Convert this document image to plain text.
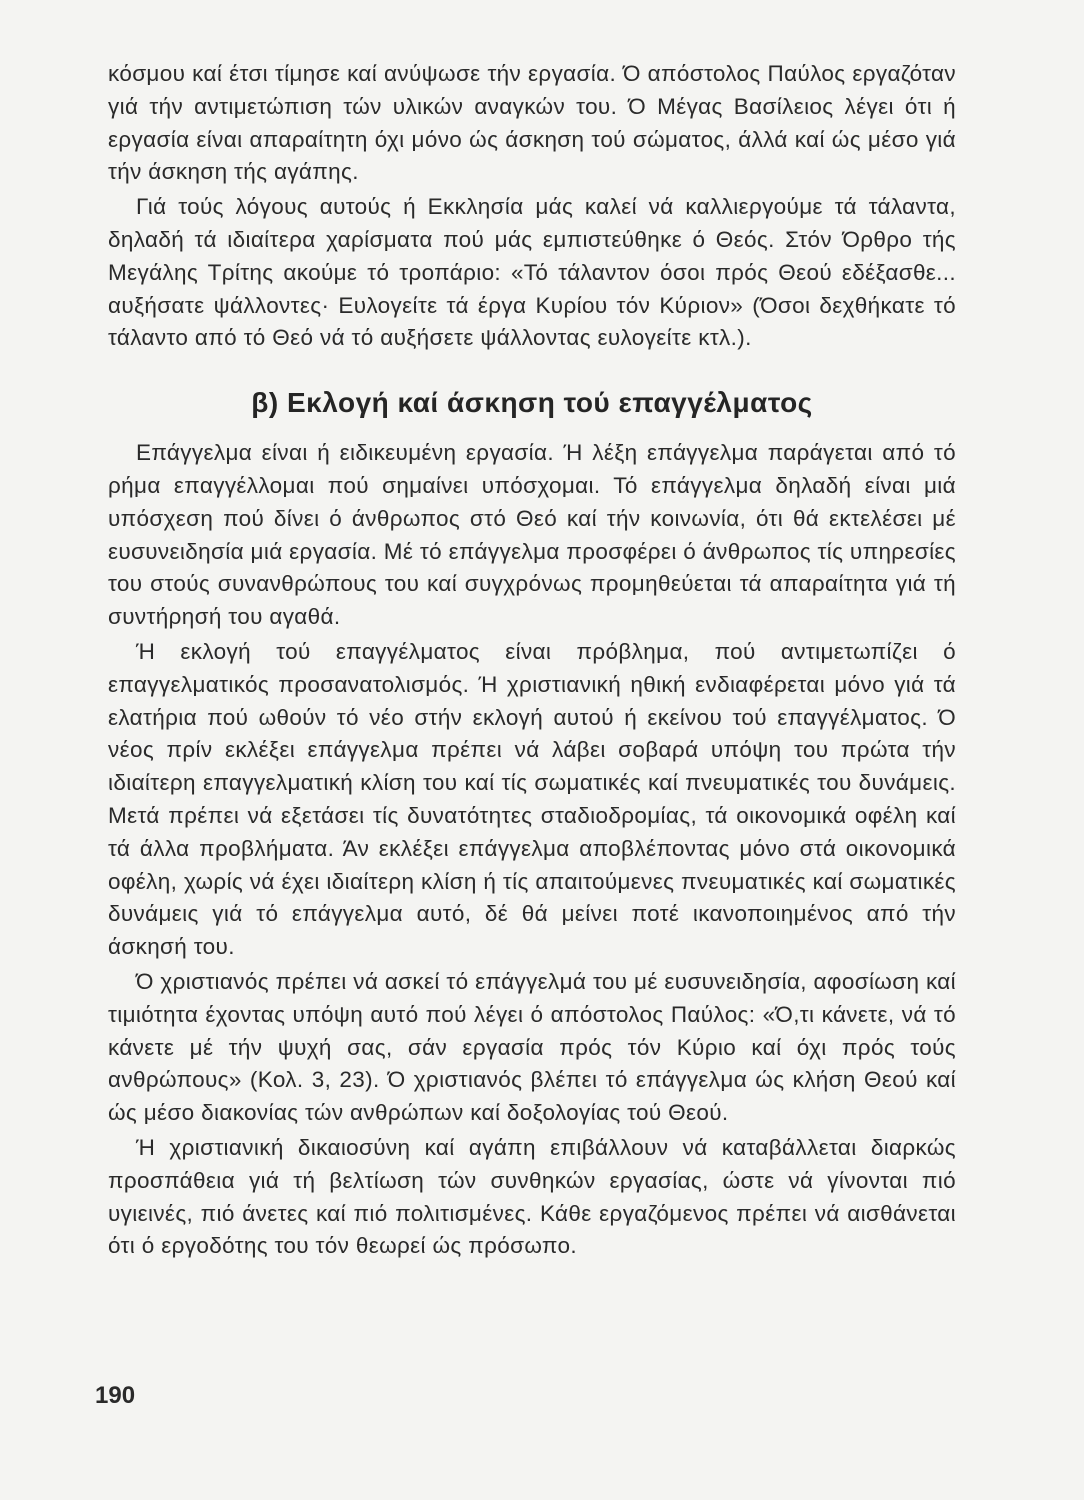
κόσμου καί έτσι τίμησε καί ανύψωσε τήν εργασία. Ό απόστολος Παύλος εργαζόταν γιά τήν αντιμετώπιση τών υλικών αναγκών του. Ό Μέγας Βασίλειος λέγει ότι ή εργασία είναι απαραίτητη όχι μόνο ώς άσκηση τού σώματος, άλλά καί ώς μέσο γιά τήν άσκηση τής αγάπης.

Γιά τούς λόγους αυτούς ή Εκκλησία μάς καλεί νά καλλιεργούμε τά τάλαντα, δηλαδή τά ιδιαίτερα χαρίσματα πού μάς εμπιστεύθηκε ό Θεός. Στόν Όρθρο τής Μεγάλης Τρίτης ακούμε τό τροπάριο: «Τό τάλαντον όσοι πρός Θεού εδέξασθε... αυξήσατε ψάλλοντες· Ευλογείτε τά έργα Κυρίου τόν Κύριον» (Όσοι δεχθήκατε τό τάλαντο από τό Θεό νά τό αυξήσετε ψάλλοντας ευλογείτε κτλ.).

β) Εκλογή καί άσκηση τού επαγγέλματος

Επάγγελμα είναι ή ειδικευμένη εργασία. Ή λέξη επάγγελμα παράγεται από τό ρήμα επαγγέλλομαι πού σημαίνει υπόσχομαι. Τό επάγγελμα δηλαδή είναι μιά υπόσχεση πού δίνει ό άνθρωπος στό Θεό καί τήν κοινωνία, ότι θά εκτελέσει μέ ευσυνειδησία μιά εργασία. Μέ τό επάγγελμα προσφέρει ό άνθρωπος τίς υπηρεσίες του στούς συνανθρώπους του καί συγχρόνως προμηθεύεται τά απαραίτητα γιά τή συντήρησή του αγαθά.

Ή εκλογή τού επαγγέλματος είναι πρόβλημα, πού αντιμετωπίζει ό επαγγελματικός προσανατολισμός. Ή χριστιανική ηθική ενδιαφέρεται μόνο γιά τά ελατήρια πού ωθούν τό νέο στήν εκλογή αυτού ή εκείνου τού επαγγέλματος. Ό νέος πρίν εκλέξει επάγγελμα πρέπει νά λάβει σοβαρά υπόψη του πρώτα τήν ιδιαίτερη επαγγελματική κλίση του καί τίς σωματικές καί πνευματικές του δυνάμεις. Μετά πρέπει νά εξετάσει τίς δυνατότητες σταδιοδρομίας, τά οικονομικά οφέλη καί τά άλλα προβλήματα. Άν εκλέξει επάγγελμα αποβλέποντας μόνο στά οικονομικά οφέλη, χωρίς νά έχει ιδιαίτερη κλίση ή τίς απαιτούμενες πνευματικές καί σωματικές δυνάμεις γιά τό επάγγελμα αυτό, δέ θά μείνει ποτέ ικανοποιημένος από τήν άσκησή του.

Ό χριστιανός πρέπει νά ασκεί τό επάγγελμά του μέ ευσυνειδησία, αφοσίωση καί τιμιότητα έχοντας υπόψη αυτό πού λέγει ό απόστολος Παύλος: «Ό,τι κάνετε, νά τό κάνετε μέ τήν ψυχή σας, σάν εργασία πρός τόν Κύριο καί όχι πρός τούς ανθρώπους» (Κολ. 3, 23). Ό χριστιανός βλέπει τό επάγγελμα ώς κλήση Θεού καί ώς μέσο διακονίας τών ανθρώπων καί δοξολογίας τού Θεού.

Ή χριστιανική δικαιοσύνη καί αγάπη επιβάλλουν νά καταβάλλεται διαρκώς προσπάθεια γιά τή βελτίωση τών συνθηκών εργασίας, ώστε νά γίνονται πιό υγιεινές, πιό άνετες καί πιό πολιτισμένες. Κάθε εργαζόμενος πρέπει νά αισθάνεται ότι ό εργοδότης του τόν θεωρεί ώς πρόσωπο.

190
